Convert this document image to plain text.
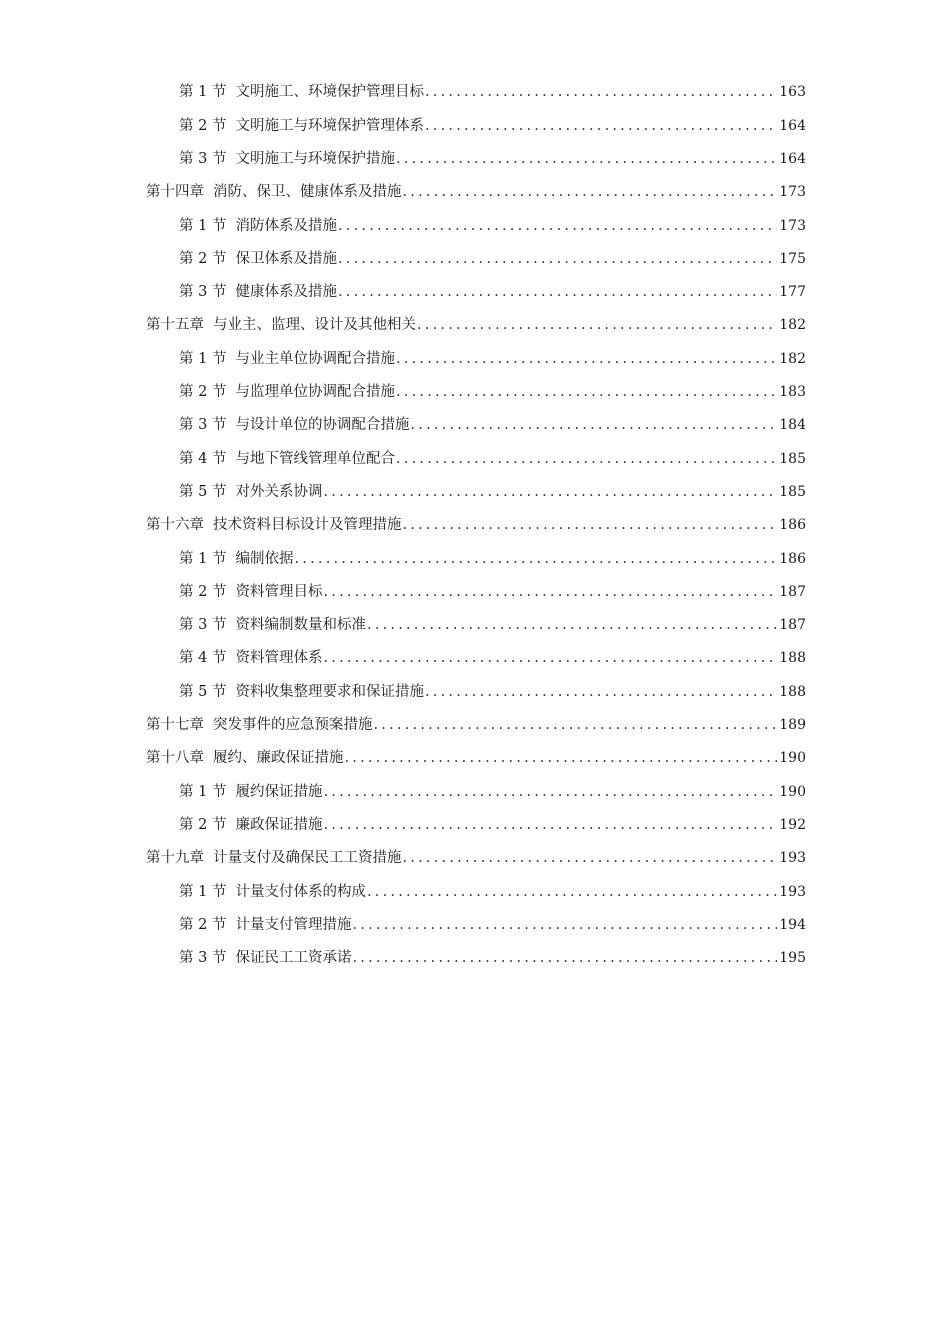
第 1 节 文明施工、环境保护管理目标 .....	163
第 2 节 文明施工与环境保护管理体系 .....	164
第 3 节 文明施工与环境保护措施 .....	164
第十四章 消防、保卫、健康体系及措施 .....	173
第 1 节 消防体系及措施 .....	173
第 2 节 保卫体系及措施 .....	175
第 3 节 健康体系及措施 .....	177
第十五章 与业主、监理、设计及其他相关 .....	182
第 1 节 与业主单位协调配合措施 .....	182
第 2 节 与监理单位协调配合措施 .....	183
第 3 节 与设计单位的协调配合措施 .....	184
第 4 节 与地下管线管理单位配合 .....	185
第 5 节 对外关系协调 .....	185
第十六章 技术资料目标设计及管理措施 .....	186
第 1 节 编制依据 .....	186
第 2 节 资料管理目标 .....	187
第 3 节 资料编制数量和标准 .....	187
第 4 节 资料管理体系 .....	188
第 5 节 资料收集整理要求和保证措施 .....	188
第十七章 突发事件的应急预案措施 .....	189
第十八章 履约、廉政保证措施 .....	190
第 1 节 履约保证措施 .....	190
第 2 节 廉政保证措施 .....	192
第十九章 计量支付及确保民工工资措施 .....	193
第 1 节 计量支付体系的构成 .....	193
第 2 节 计量支付管理措施 .....	194
第 3 节 保证民工工资承诺 .....	195
